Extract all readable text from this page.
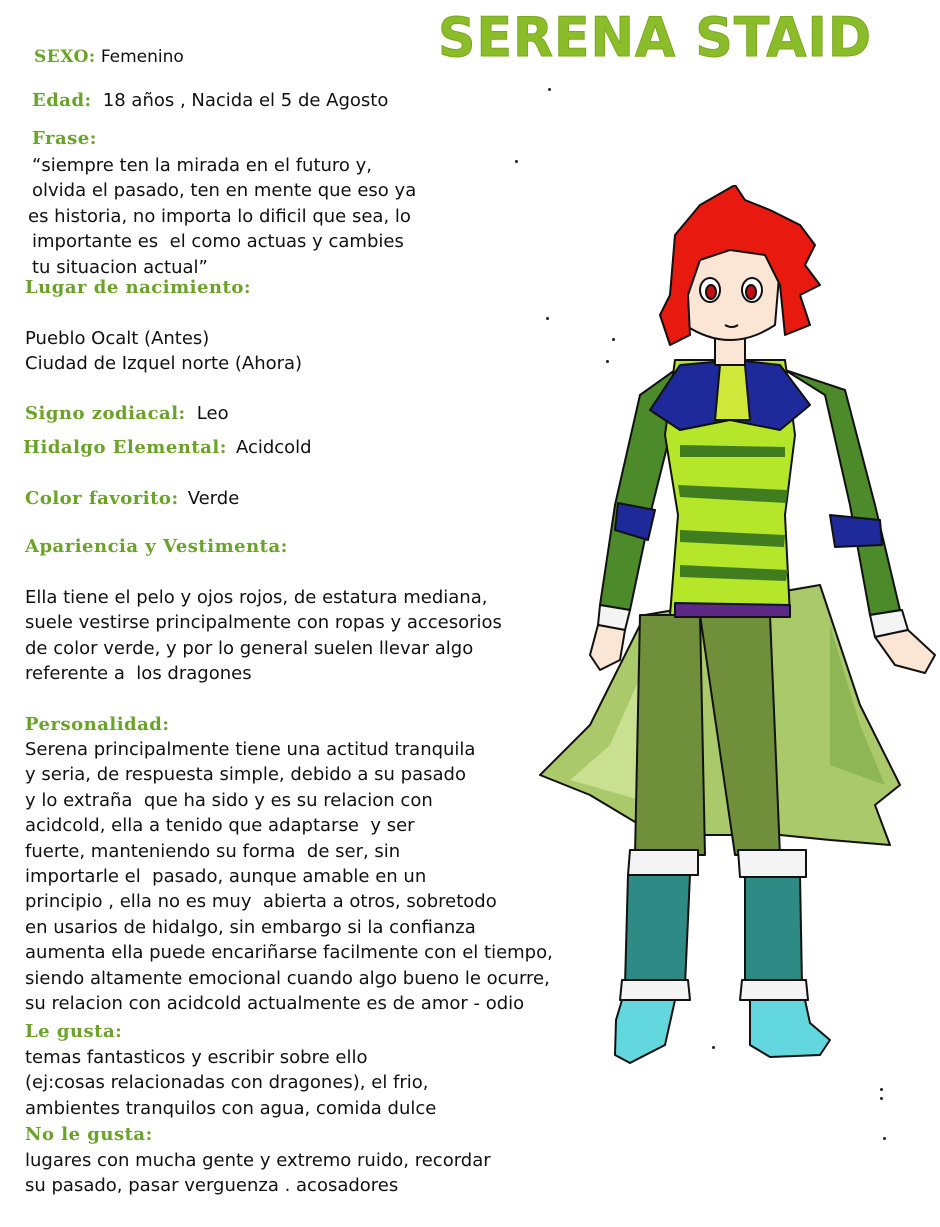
SERENA STAID
SEXO: Femenino
Edad: 18 años , Nacida el 5 de Agosto
Frase:
“siempre ten la mirada en el futuro y,
olvida el pasado, ten en mente que eso ya
es historia, no importa lo dificil que sea, lo
importante es  el como actuas y cambies
tu situacion actual”
Lugar de nacimiento:
Pueblo Ocalt (Antes)
Ciudad de Izquel norte (Ahora)
Signo zodiacal: Leo
Hidalgo Elemental: Acidcold
Color favorito: Verde
Apariencia y Vestimenta:
Ella tiene el pelo y ojos rojos, de estatura mediana,
suele vestirse principalmente con ropas y accesorios
de color verde, y por lo general suelen llevar algo
referente a  los dragones
Personalidad:
Serena principalmente tiene una actitud tranquila
y seria, de respuesta simple, debido a su pasado
y lo extraña  que ha sido y es su relacion con
acidcold, ella a tenido que adaptarse  y ser
fuerte, manteniendo su forma  de ser, sin
importarle el  pasado, aunque amable en un
principio , ella no es muy  abierta a otros, sobretodo
en usarios de hidalgo, sin embargo si la confianza
aumenta ella puede encariñarse facilmente con el tiempo,
siendo altamente emocional cuando algo bueno le ocurre,
su relacion con acidcold actualmente es de amor - odio
Le gusta:
temas fantasticos y escribir sobre ello
(ej:cosas relacionadas con dragones), el frio,
ambientes tranquilos con agua, comida dulce
No le gusta:
lugares con mucha gente y extremo ruido, recordar
su pasado, pasar verguenza . acosadores
